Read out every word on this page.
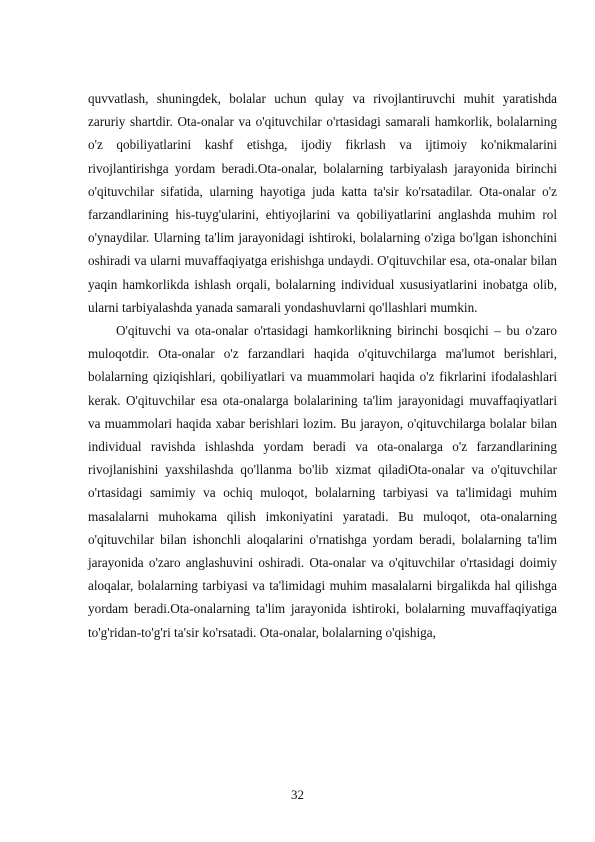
quvvatlash, shuningdek, bolalar uchun qulay va rivojlantiruvchi muhit yaratishda zaruriy shartdir. Ota-onalar va o'qituvchilar o'rtasidagi samarali hamkorlik, bolalarning o'z qobiliyatlarini kashf etishga, ijodiy fikrlash va ijtimoiy ko'nikmalarini rivojlantirishga yordam beradi.Ota-onalar, bolalarning tarbiyalash jarayonida birinchi o'qituvchilar sifatida, ularning hayotiga juda katta ta'sir ko'rsatadilar. Ota-onalar o'z farzandlarining his-tuyg'ularini, ehtiyojlarini va qobiliyatlarini anglashda muhim rol o'ynaydilar. Ularning ta'lim jarayonidagi ishtiroki, bolalarning o'ziga bo'lgan ishonchini oshiradi va ularni muvaffaqiyatga erishishga undaydi. O'qituvchilar esa, ota-onalar bilan yaqin hamkorlikda ishlash orqali, bolalarning individual xususiyatlarini inobatga olib, ularni tarbiyalashda yanada samarali yondashuvlarni qo'llashlari mumkin.

O'qituvchi va ota-onalar o'rtasidagi hamkorlikning birinchi bosqichi – bu o'zaro muloqotdir. Ota-onalar o'z farzandlari haqida o'qituvchilarga ma'lumot berishlari, bolalarning qiziqishlari, qobiliyatlari va muammolari haqida o'z fikrlarini ifodalashlari kerak. O'qituvchilar esa ota-onalarga bolalarining ta'lim jarayonidagi muvaffaqiyatlari va muammolari haqida xabar berishlari lozim. Bu jarayon, o'qituvchilarga bolalar bilan individual ravishda ishlashda yordam beradi va ota-onalarga o'z farzandlarining rivojlanishini yaxshilashda qo'llanma bo'lib xizmat qiladiOta-onalar va o'qituvchilar o'rtasidagi samimiy va ochiq muloqot, bolalarning tarbiyasi va ta'limidagi muhim masalalarni muhokama qilish imkoniyatini yaratadi. Bu muloqot, ota-onalarning o'qituvchilar bilan ishonchli aloqalarini o'rnatishga yordam beradi, bolalarning ta'lim jarayonida o'zaro anglashuvini oshiradi. Ota-onalar va o'qituvchilar o'rtasidagi doimiy aloqalar, bolalarning tarbiyasi va ta'limidagi muhim masalalarni birgalikda hal qilishga yordam beradi.Ota-onalarning ta'lim jarayonida ishtiroki, bolalarning muvaffaqiyatiga to'g'ridan-to'g'ri ta'sir ko'rsatadi. Ota-onalar, bolalarning o'qishiga,

32
